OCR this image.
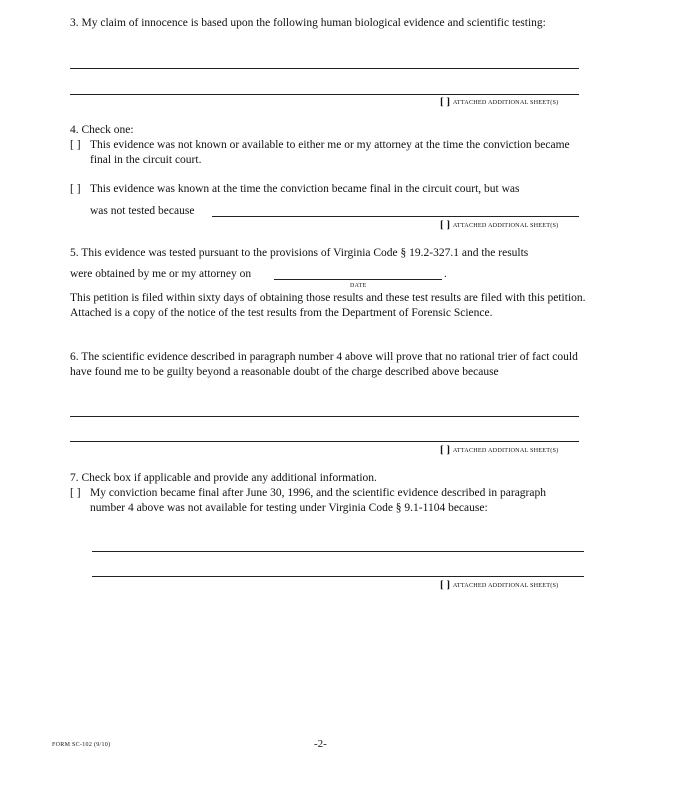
3. My claim of innocence is based upon the following human biological evidence and scientific testing:
[ ] ATTACHED ADDITIONAL SHEET(S)
4. Check one:
[ ] This evidence was not known or available to either me or my attorney at the time the conviction became final in the circuit court.
[ ] This evidence was known at the time the conviction became final in the circuit court, but was
was not tested because
[ ] ATTACHED ADDITIONAL SHEET(S)
5. This evidence was tested pursuant to the provisions of Virginia Code § 19.2-327.1 and the results
were obtained by me or my attorney on	.
DATE
This petition is filed within sixty days of obtaining those results and these test results are filed with this petition. Attached is a copy of the notice of the test results from the Department of Forensic Science.
6. The scientific evidence described in paragraph number 4 above will prove that no rational trier of fact could have found me to be guilty beyond a reasonable doubt of the charge described above because
[ ] ATTACHED ADDITIONAL SHEET(S)
7. Check box if applicable and provide any additional information.
[ ] My conviction became final after June 30, 1996, and the scientific evidence described in paragraph number 4 above was not available for testing under Virginia Code § 9.1-1104 because:
[ ] ATTACHED ADDITIONAL SHEET(S)
FORM SC-102 (9/10)	-2-
